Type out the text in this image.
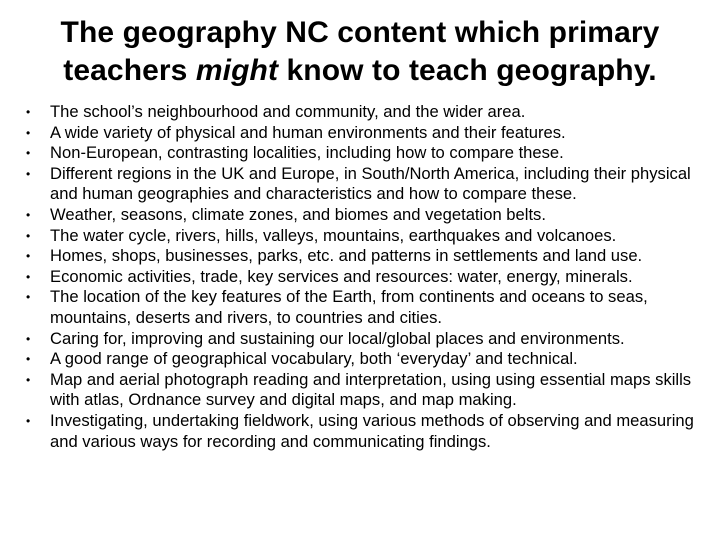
The geography NC content which primary
teachers might know to teach geography.
•	The school’s neighbourhood and community, and the wider area.
•	A wide variety of physical and human environments and their features.
•	Non-European, contrasting localities, including how to compare these.
•	Different regions in the UK and Europe, in South/North America, including their physical and human geographies and characteristics and how to compare these.
•	Weather, seasons, climate zones, and biomes and vegetation belts.
•	The water cycle, rivers, hills, valleys, mountains, earthquakes and volcanoes.
•	Homes, shops, businesses, parks, etc. and patterns in settlements and land use.
•	Economic activities, trade, key services and resources: water, energy, minerals.
•	The location of the key features of the Earth, from continents and oceans to seas, mountains, deserts and rivers, to countries and cities.
•	Caring for, improving and sustaining our local/global places and environments.
•	A good range of geographical vocabulary, both ‘everyday’ and technical.
•	Map and aerial photograph reading and interpretation, using using essential maps skills with atlas, Ordnance survey and digital maps, and map making.
•	Investigating, undertaking fieldwork, using various methods of observing and measuring and various ways for recording and communicating findings.
